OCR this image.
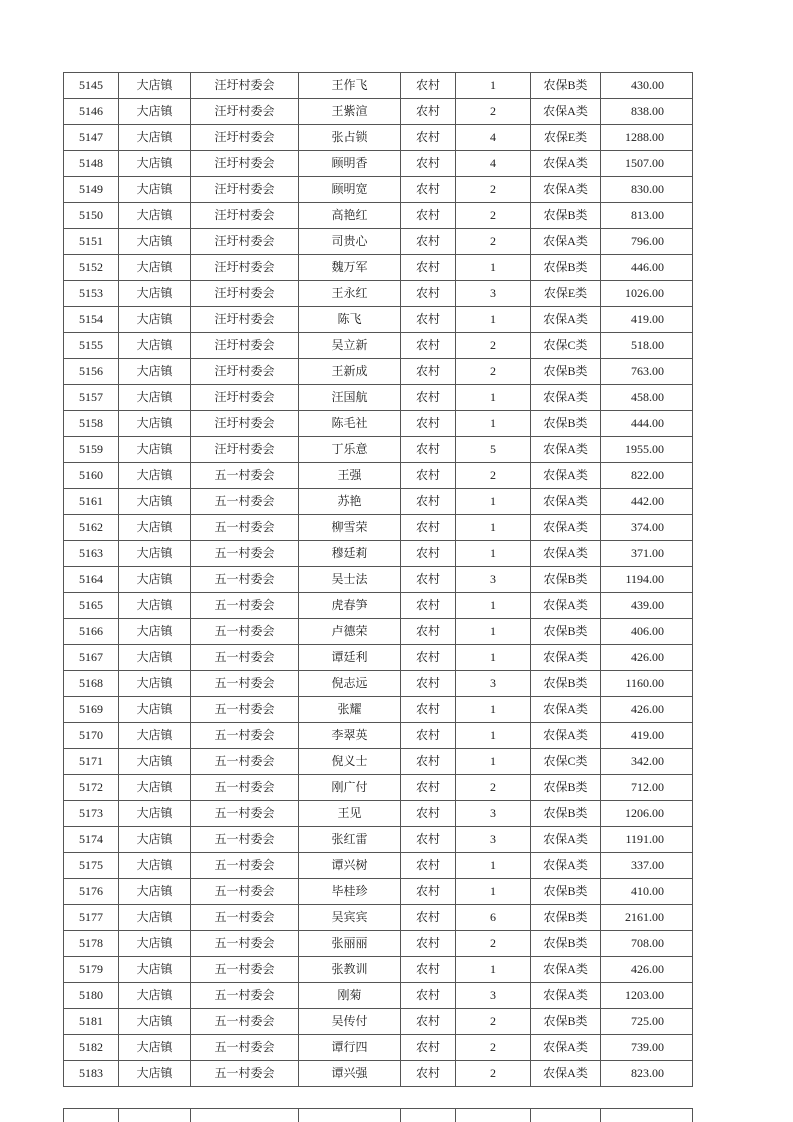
5145	大店镇	汪圩村委会	王作飞	农村	1	农保B类	430.00
5146	大店镇	汪圩村委会	王紫渲	农村	2	农保A类	838.00
5147	大店镇	汪圩村委会	张占锁	农村	4	农保E类	1288.00
5148	大店镇	汪圩村委会	顾明香	农村	4	农保A类	1507.00
5149	大店镇	汪圩村委会	顾明宽	农村	2	农保A类	830.00
5150	大店镇	汪圩村委会	高艳红	农村	2	农保B类	813.00
5151	大店镇	汪圩村委会	司贵心	农村	2	农保A类	796.00
5152	大店镇	汪圩村委会	魏万军	农村	1	农保B类	446.00
5153	大店镇	汪圩村委会	王永红	农村	3	农保E类	1026.00
5154	大店镇	汪圩村委会	陈飞	农村	1	农保A类	419.00
5155	大店镇	汪圩村委会	吴立新	农村	2	农保C类	518.00
5156	大店镇	汪圩村委会	王新成	农村	2	农保B类	763.00
5157	大店镇	汪圩村委会	汪国航	农村	1	农保A类	458.00
5158	大店镇	汪圩村委会	陈毛社	农村	1	农保B类	444.00
5159	大店镇	汪圩村委会	丁乐意	农村	5	农保A类	1955.00
5160	大店镇	五一村委会	王强	农村	2	农保A类	822.00
5161	大店镇	五一村委会	苏艳	农村	1	农保A类	442.00
5162	大店镇	五一村委会	柳雪荣	农村	1	农保A类	374.00
5163	大店镇	五一村委会	穆廷莉	农村	1	农保A类	371.00
5164	大店镇	五一村委会	吴士法	农村	3	农保B类	1194.00
5165	大店镇	五一村委会	虎春笋	农村	1	农保A类	439.00
5166	大店镇	五一村委会	卢德荣	农村	1	农保B类	406.00
5167	大店镇	五一村委会	谭廷利	农村	1	农保A类	426.00
5168	大店镇	五一村委会	倪志远	农村	3	农保B类	1160.00
5169	大店镇	五一村委会	张耀	农村	1	农保A类	426.00
5170	大店镇	五一村委会	李翠英	农村	1	农保A类	419.00
5171	大店镇	五一村委会	倪义士	农村	1	农保C类	342.00
5172	大店镇	五一村委会	刚广付	农村	2	农保B类	712.00
5173	大店镇	五一村委会	王见	农村	3	农保B类	1206.00
5174	大店镇	五一村委会	张红雷	农村	3	农保A类	1191.00
5175	大店镇	五一村委会	谭兴树	农村	1	农保A类	337.00
5176	大店镇	五一村委会	毕桂珍	农村	1	农保B类	410.00
5177	大店镇	五一村委会	吴宾宾	农村	6	农保B类	2161.00
5178	大店镇	五一村委会	张丽丽	农村	2	农保B类	708.00
5179	大店镇	五一村委会	张教训	农村	1	农保A类	426.00
5180	大店镇	五一村委会	刚菊	农村	3	农保A类	1203.00
5181	大店镇	五一村委会	吴传付	农村	2	农保B类	725.00
5182	大店镇	五一村委会	谭行四	农村	2	农保A类	739.00
5183	大店镇	五一村委会	谭兴强	农村	2	农保A类	823.00
